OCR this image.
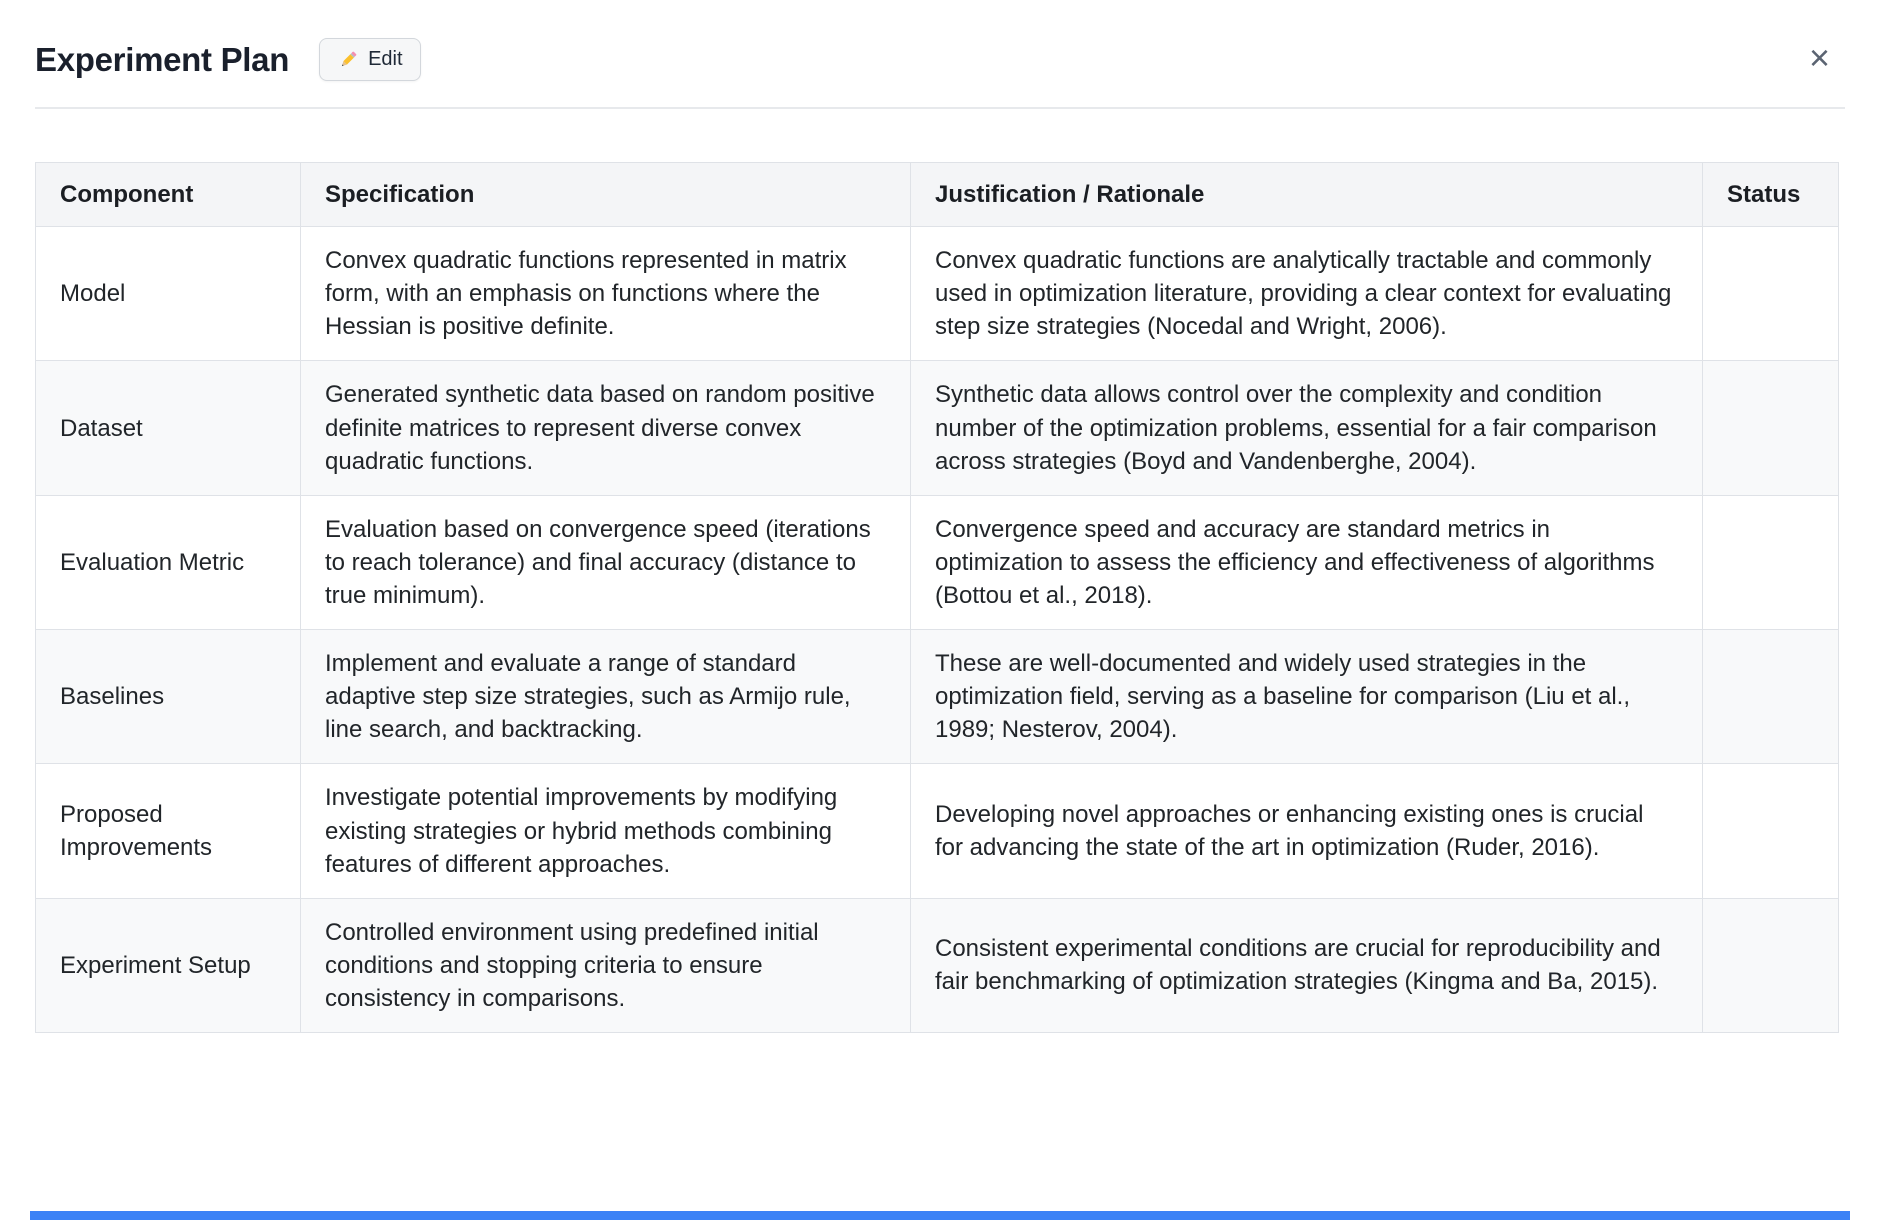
Experiment Plan	Edit	×
Component	Specification	Justification / Rationale	Status
Model	Convex quadratic functions represented in matrix form, with an emphasis on functions where the Hessian is positive definite.	Convex quadratic functions are analytically tractable and commonly used in optimization literature, providing a clear context for evaluating step size strategies (Nocedal and Wright, 2006).	
Dataset	Generated synthetic data based on random positive definite matrices to represent diverse convex quadratic functions.	Synthetic data allows control over the complexity and condition number of the optimization problems, essential for a fair comparison across strategies (Boyd and Vandenberghe, 2004).	
Evaluation Metric	Evaluation based on convergence speed (iterations to reach tolerance) and final accuracy (distance to true minimum).	Convergence speed and accuracy are standard metrics in optimization to assess the efficiency and effectiveness of algorithms (Bottou et al., 2018).	
Baselines	Implement and evaluate a range of standard adaptive step size strategies, such as Armijo rule, line search, and backtracking.	These are well-documented and widely used strategies in the optimization field, serving as a baseline for comparison (Liu et al., 1989; Nesterov, 2004).	
Proposed Improvements	Investigate potential improvements by modifying existing strategies or hybrid methods combining features of different approaches.	Developing novel approaches or enhancing existing ones is crucial for advancing the state of the art in optimization (Ruder, 2016).	
Experiment Setup	Controlled environment using predefined initial conditions and stopping criteria to ensure consistency in comparisons.	Consistent experimental conditions are crucial for reproducibility and fair benchmarking of optimization strategies (Kingma and Ba, 2015).	
